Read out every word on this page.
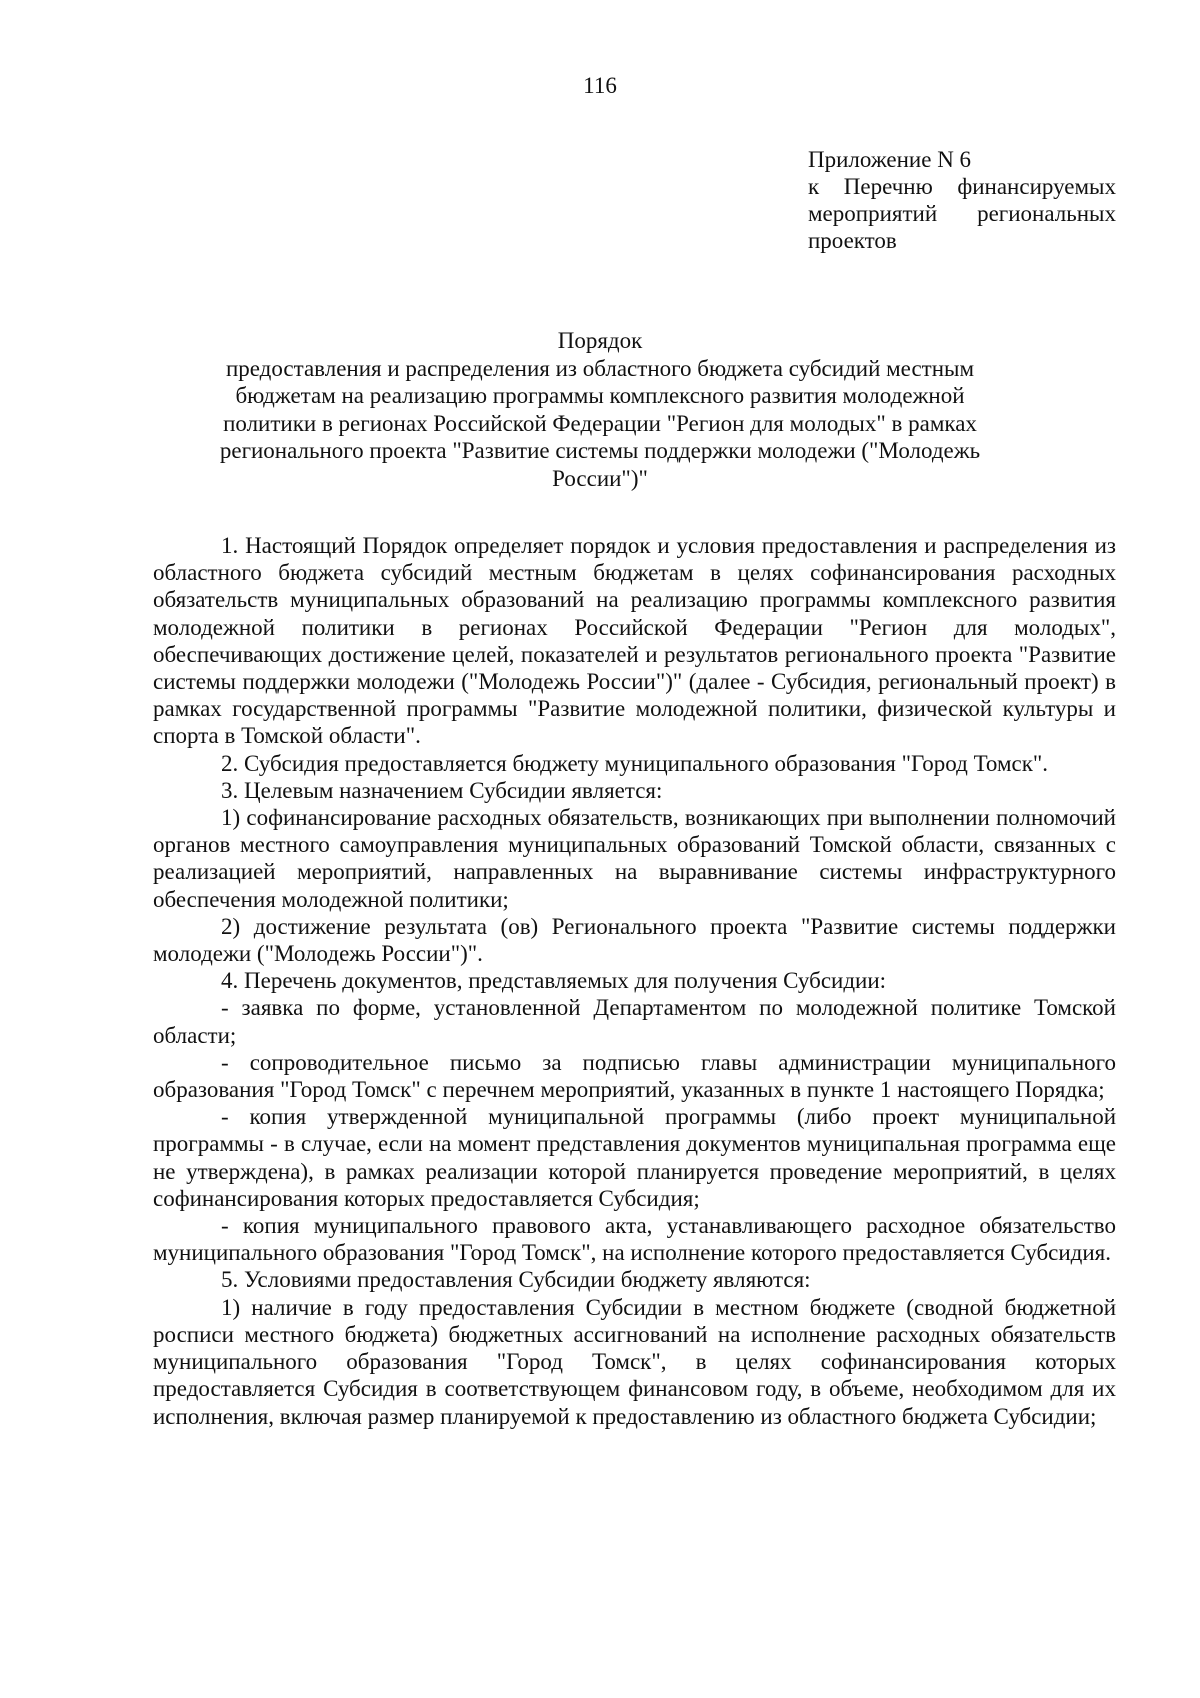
116
Приложение N 6
к Перечню финансируемых
мероприятий региональных
проектов
Порядок
предоставления и распределения из областного бюджета субсидий местным бюджетам на реализацию программы комплексного развития молодежной политики в регионах Российской Федерации "Регион для молодых" в рамках регионального проекта "Развитие системы поддержки молодежи ("Молодежь России")"

1. Настоящий Порядок определяет порядок и условия предоставления и распределения из областного бюджета субсидий местным бюджетам в целях софинансирования расходных обязательств муниципальных образований на реализацию программы комплексного развития молодежной политики в регионах Российской Федерации "Регион для молодых", обеспечивающих достижение целей, показателей и результатов регионального проекта "Развитие системы поддержки молодежи ("Молодежь России")" (далее - Субсидия, региональный проект) в рамках государственной программы "Развитие молодежной политики, физической культуры и спорта в Томской области".

2. Субсидия предоставляется бюджету муниципального образования "Город Томск".

3. Целевым назначением Субсидии является:

1) софинансирование расходных обязательств, возникающих при выполнении полномочий органов местного самоуправления муниципальных образований Томской области, связанных с реализацией мероприятий, направленных на выравнивание системы инфраструктурного обеспечения молодежной политики;

2) достижение результата (ов) Регионального проекта "Развитие системы поддержки молодежи ("Молодежь России")".

4. Перечень документов, представляемых для получения Субсидии:

- заявка по форме, установленной Департаментом по молодежной политике Томской области;

- сопроводительное письмо за подписью главы администрации муниципального образования "Город Томск" с перечнем мероприятий, указанных в пункте 1 настоящего Порядка;

- копия утвержденной муниципальной программы (либо проект муниципальной программы - в случае, если на момент представления документов муниципальная программа еще не утверждена), в рамках реализации которой планируется проведение мероприятий, в целях софинансирования которых предоставляется Субсидия;

- копия муниципального правового акта, устанавливающего расходное обязательство муниципального образования "Город Томск", на исполнение которого предоставляется Субсидия.

5. Условиями предоставления Субсидии бюджету являются:

1) наличие в году предоставления Субсидии в местном бюджете (сводной бюджетной росписи местного бюджета) бюджетных ассигнований на исполнение расходных обязательств муниципального образования "Город Томск", в целях софинансирования которых предоставляется Субсидия в соответствующем финансовом году, в объеме, необходимом для их исполнения, включая размер планируемой к предоставлению из областного бюджета Субсидии;
